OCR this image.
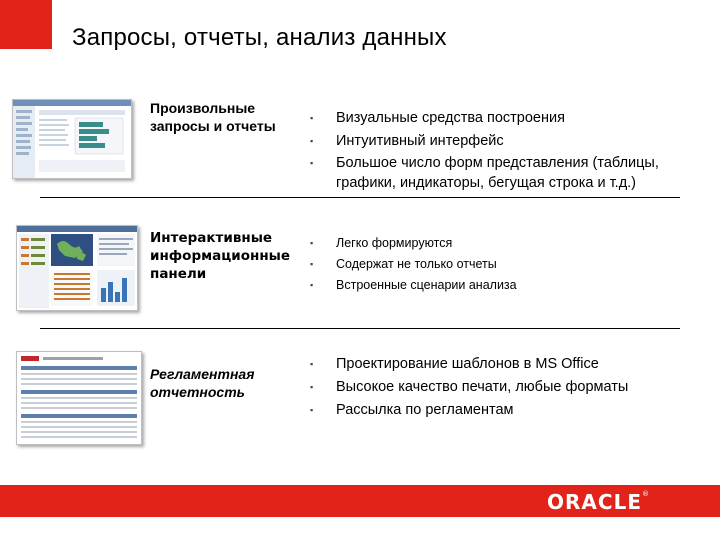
Запросы, отчеты, анализ данных
Произвольные
запросы и отчеты
▪	Визуальные средства построения
▪ Интуитивный интерфейс
▪ Большое число форм представления (таблицы, графики, индикаторы, бегущая строка и т.д.)
Интерактивные
информационные
панели
▪ Легко формируются
▪ Содержат не только отчеты
▪ Встроенные сценарии анализа
Регламентная
отчетность
▪ Проектирование шаблонов в MS Office
▪ Высокое качество печати, любые форматы
▪ Рассылка по регламентам
ORACLE®
